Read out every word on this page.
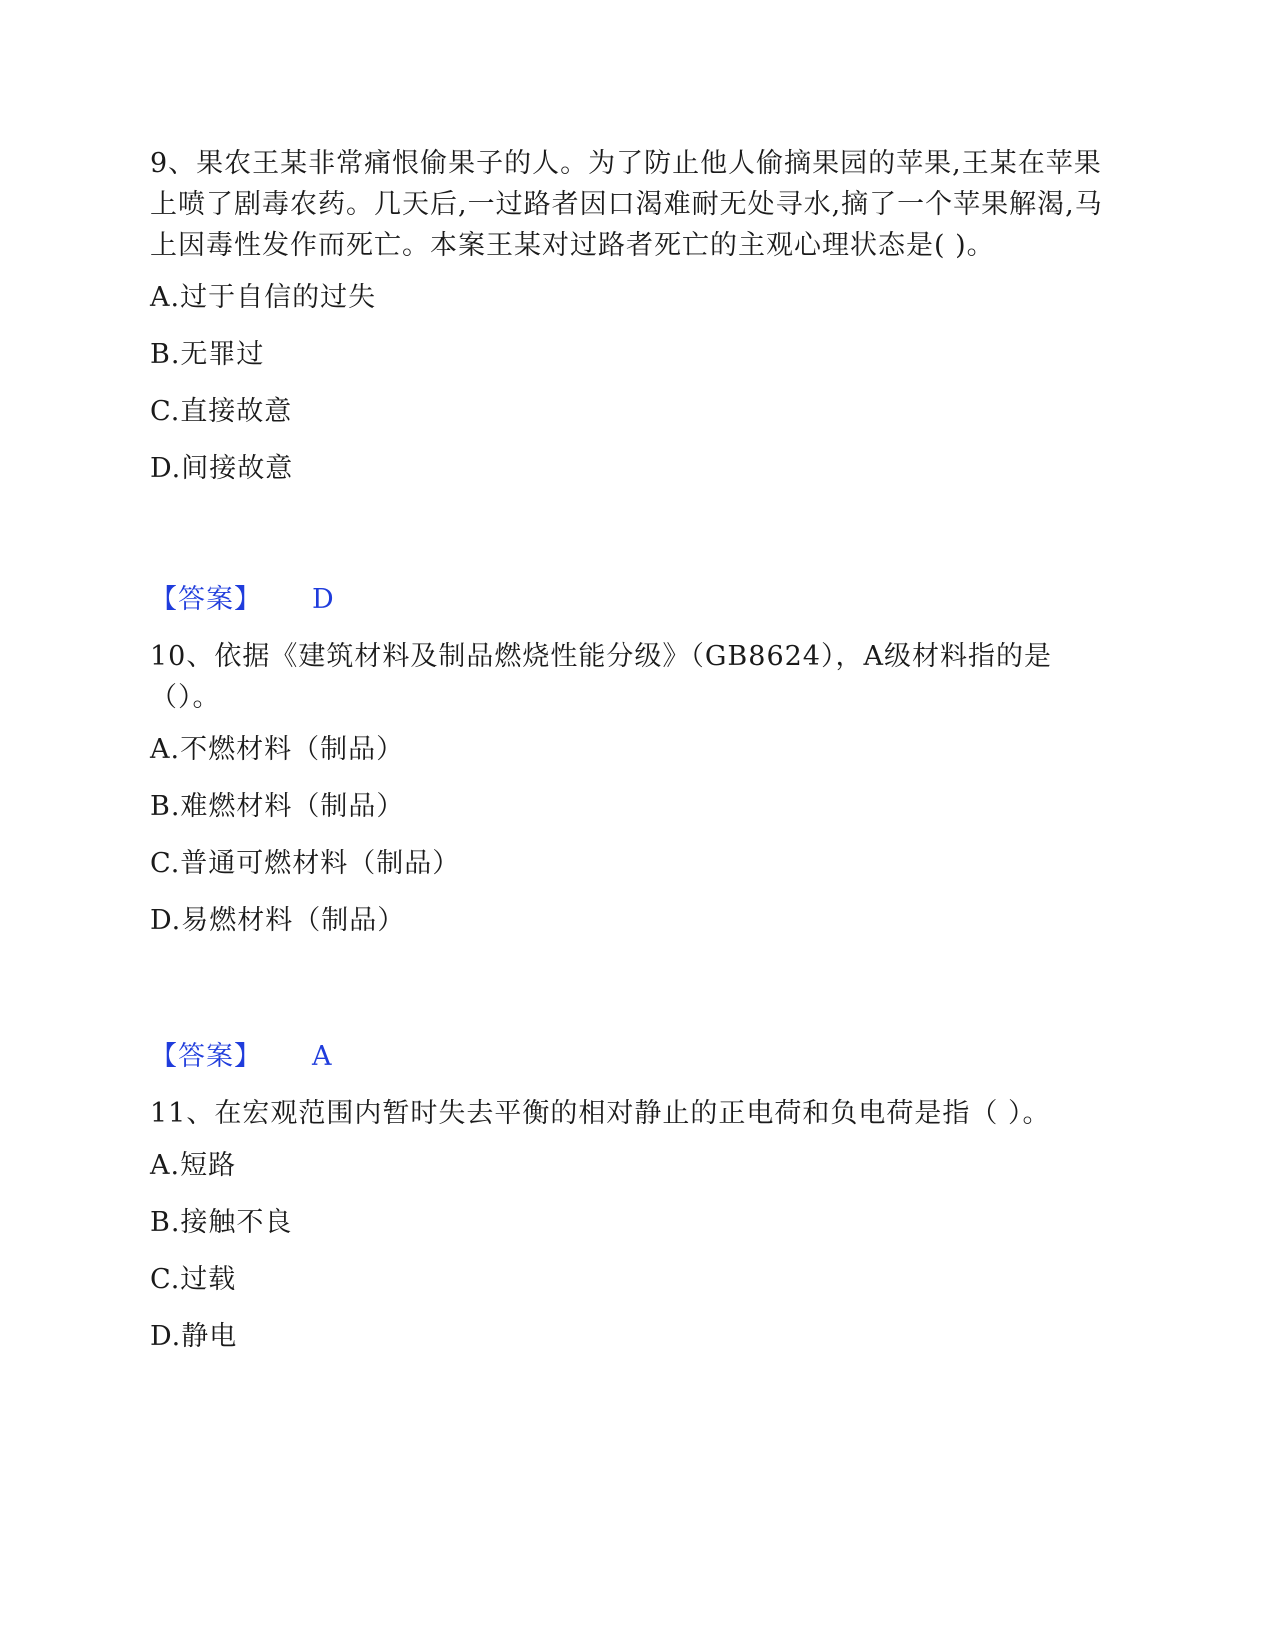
9、果农王某非常痛恨偷果子的人。为了防止他人偷摘果园的苹果,王某在苹果上喷了剧毒农药。几天后,一过路者因口渴难耐无处寻水,摘了一个苹果解渴,马上因毒性发作而死亡。本案王某对过路者死亡的主观心理状态是( )。

A.过于自信的过失

B.无罪过

C.直接故意

D.间接故意

【答案】 D

10、依据《建筑材料及制品燃烧性能分级》（GB8624），A级材料指的是（）。

A.不燃材料（制品）

B.难燃材料（制品）

C.普通可燃材料（制品）

D.易燃材料（制品）

【答案】 A

11、在宏观范围内暂时失去平衡的相对静止的正电荷和负电荷是指（ ）。

A.短路

B.接触不良

C.过载

D.静电
